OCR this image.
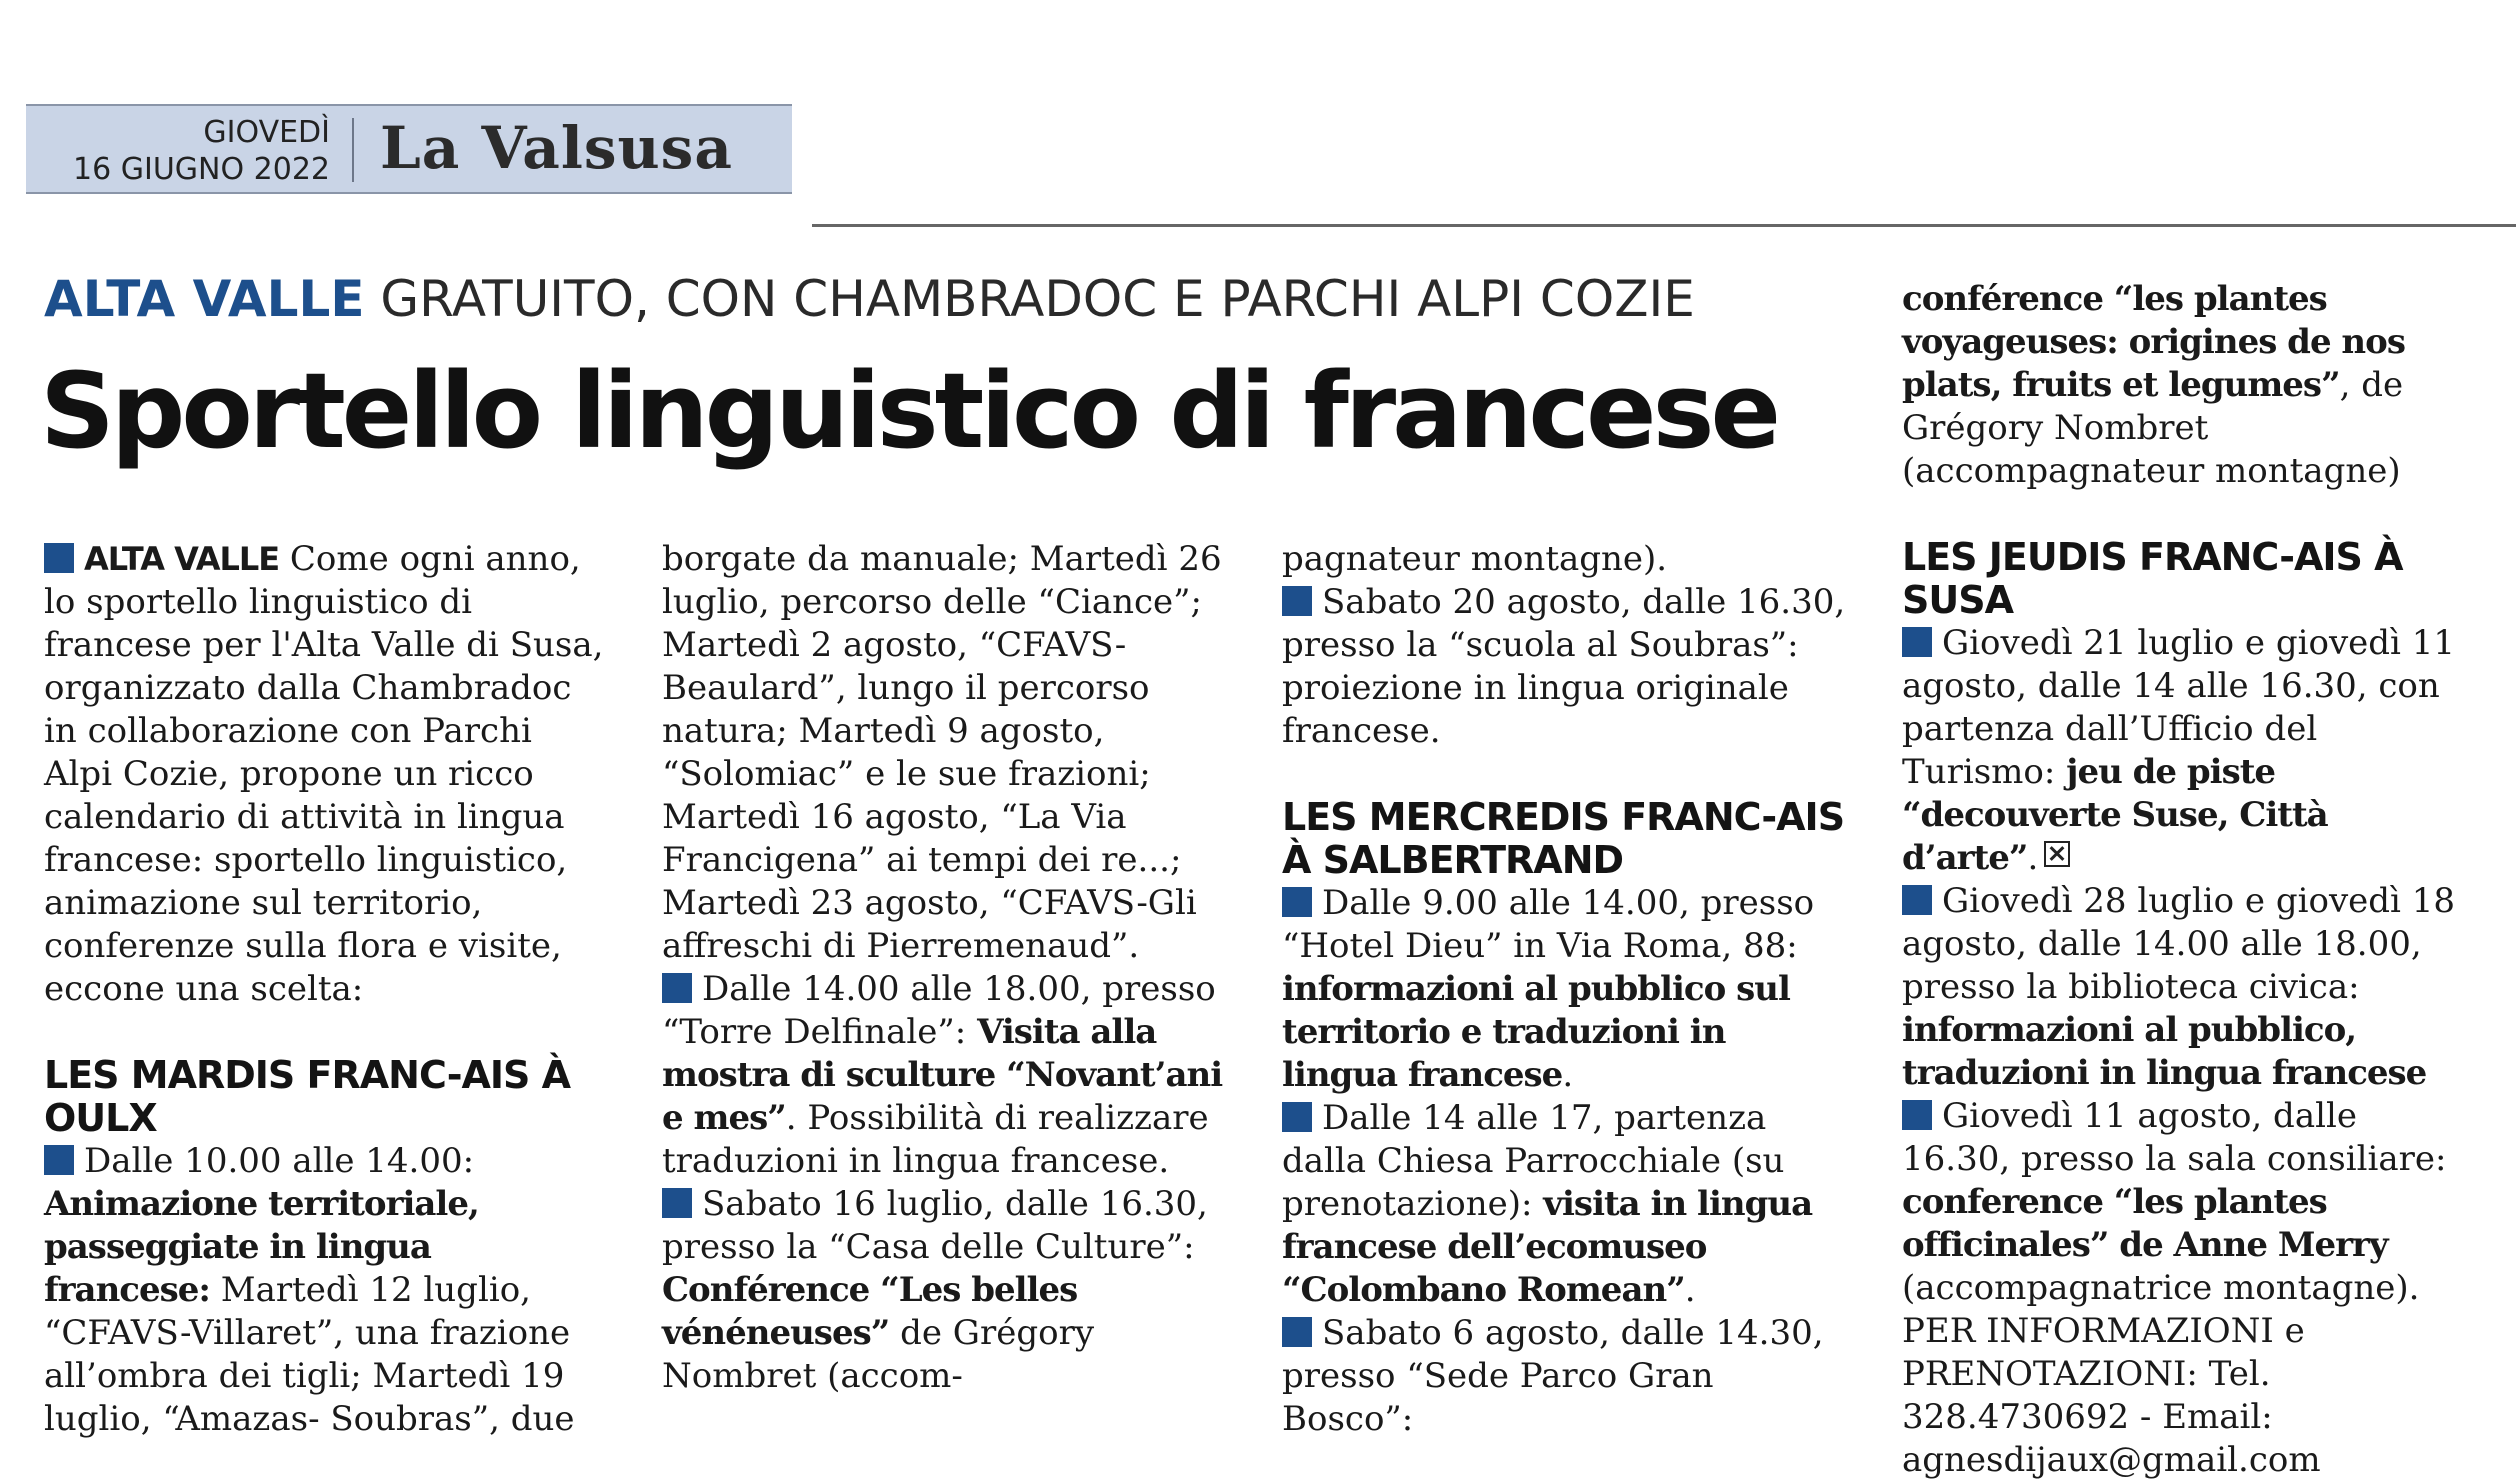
GIOVEDÌ
16 GIUGNO 2022 La Valsusa
ALTA VALLE GRATUITO, CON CHAMBRADOC E PARCHI ALPI COZIE
Sportello linguistico di francese

ALTA VALLE Come ogni anno, lo sportello linguistico di francese per l'Alta Valle di Susa, organizzato dalla Chambradoc in collaborazione con Parchi Alpi Cozie, propone un ricco calendario di attività in lingua francese: sportello linguistico, animazione sul territorio, conferenze sulla flora e visite, eccone una scelta:

LES MARDIS FRANC-AIS À OULX

Dalle 10.00 alle 14.00: Animazione territoriale, passeggiate in lingua francese: Martedì 12 luglio, “CFAVS-Villaret”, una frazione all’ombra dei tigli; Martedì 19 luglio, “Amazas- Soubras”, due

borgate da manuale; Martedì 26 luglio, percorso delle “Ciance”; Martedì 2 agosto, “CFAVS- Beaulard”, lungo il percorso natura; Martedì 9 agosto, “Solomiac” e le sue frazioni; Martedì 16 agosto, “La Via Francigena” ai tempi dei re...; Martedì 23 agosto, “CFAVS-Gli affreschi di Pierremenaud”.

Dalle 14.00 alle 18.00, presso “Torre Delfinale”: Visita alla mostra di sculture “Novant’ani e mes”. Possibilità di realizzare traduzioni in lingua francese.

Sabato 16 luglio, dalle 16.30, presso la “Casa delle Culture”: Conférence “Les belles vénéneuses” de Grégory Nombret (accom-

pagnateur montagne).

Sabato 20 agosto, dalle 16.30, presso la “scuola al Soubras”: proiezione in lingua originale francese.

LES MERCREDIS FRANC-AIS À SALBERTRAND

Dalle 9.00 alle 14.00, presso “Hotel Dieu” in Via Roma, 88: informazioni al pubblico sul territorio e traduzioni in lingua francese.

Dalle 14 alle 17, partenza dalla Chiesa Parrocchiale (su prenotazione): visita in lingua francese dell’ecomuseo “Colombano Romean”.

Sabato 6 agosto, dalle 14.30, presso “Sede Parco Gran Bosco”:

conférence “les plantes voyageuses: origines de nos plats, fruits et legumes”, de Grégory Nombret (accompagnateur montagne)

LES JEUDIS FRANC-AIS À SUSA

Giovedì 21 luglio e giovedì 11 agosto, dalle 14 alle 16.30, con partenza dall’Ufficio del Turismo: jeu de piste “decouverte Suse, Città d’arte”.

Giovedì 28 luglio e giovedì 18 agosto, dalle 14.00 alle 18.00, presso la biblioteca civica: informazioni al pubblico, traduzioni in lingua francese

Giovedì 11 agosto, dalle 16.30, presso la sala consiliare: conference “les plantes officinales” de Anne Merry (accompagnatrice montagne).

PER INFORMAZIONI e PRENOTAZIONI: Tel. 328.4730692 - Email: agnesdijaux@gmail.com
